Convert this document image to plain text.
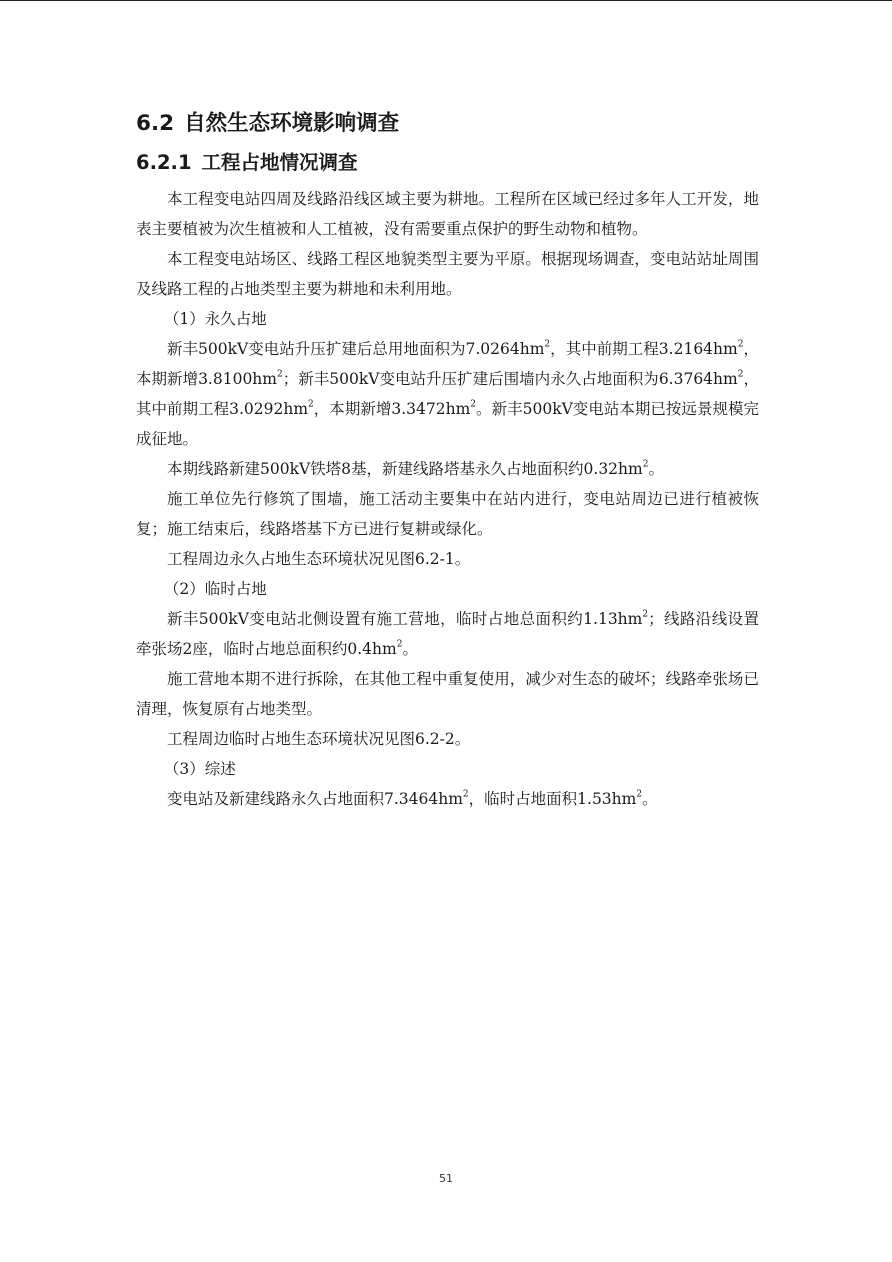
6.2 自然生态环境影响调查
6.2.1 工程占地情况调查

本工程变电站四周及线路沿线区域主要为耕地。工程所在区域已经过多年人工开发，地表主要植被为次生植被和人工植被，没有需要重点保护的野生动物和植物。

本工程变电站场区、线路工程区地貌类型主要为平原。根据现场调查，变电站站址周围及线路工程的占地类型主要为耕地和未利用地。

（1）永久占地

新丰500kV变电站升压扩建后总用地面积为$7.0264hm^2$，其中前期工程$3.2164hm^2$，本期新增$3.8100hm^2$；新丰500kV变电站升压扩建后围墙内永久占地面积为$6.3764hm^2$，其中前期工程$3.0292hm^2$，本期新增$3.3472hm^2$。新丰500kV变电站本期已按远景规模完成征地。

本期线路新建500kV铁塔8基，新建线路塔基永久占地面积约$0.32hm^2$。

施工单位先行修筑了围墙，施工活动主要集中在站内进行，变电站周边已进行植被恢复；施工结束后，线路塔基下方已进行复耕或绿化。

工程周边永久占地生态环境状况见图6.2-1。

（2）临时占地

新丰500kV变电站北侧设置有施工营地，临时占地总面积约$1.13hm^2$；线路沿线设置牵张场2座，临时占地总面积约$0.4hm^2$。

施工营地本期不进行拆除，在其他工程中重复使用，减少对生态的破坏；线路牵张场已清理，恢复原有占地类型。

工程周边临时占地生态环境状况见图6.2-2。

（3）综述

变电站及新建线路永久占地面积$7.3464hm^2$，临时占地面积$1.53hm^2$。

51
